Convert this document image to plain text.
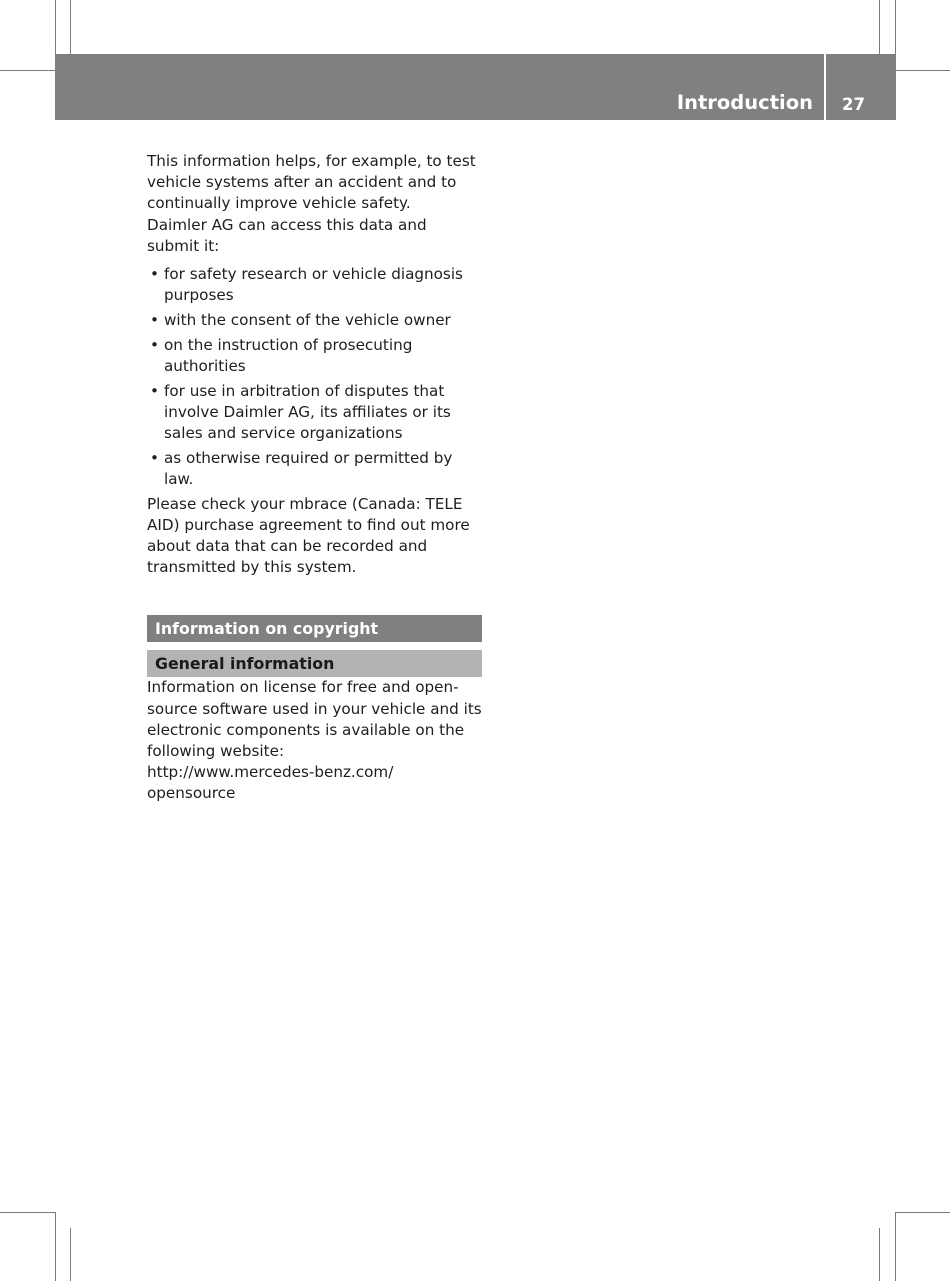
Introduction 27

This information helps, for example, to test vehicle systems after an accident and to continually improve vehicle safety.

Daimler AG can access this data and submit it:

• for safety research or vehicle diagnosis purposes
• with the consent of the vehicle owner
• on the instruction of prosecuting authorities
• for use in arbitration of disputes that involve Daimler AG, its affiliates or its sales and service organizations
• as otherwise required or permitted by law.

Please check your mbrace (Canada: TELE AID) purchase agreement to find out more about data that can be recorded and transmitted by this system.

Information on copyright
General information

Information on license for free and open-source software used in your vehicle and its electronic components is available on the following website:

http://www.mercedes-benz.com/
opensource
